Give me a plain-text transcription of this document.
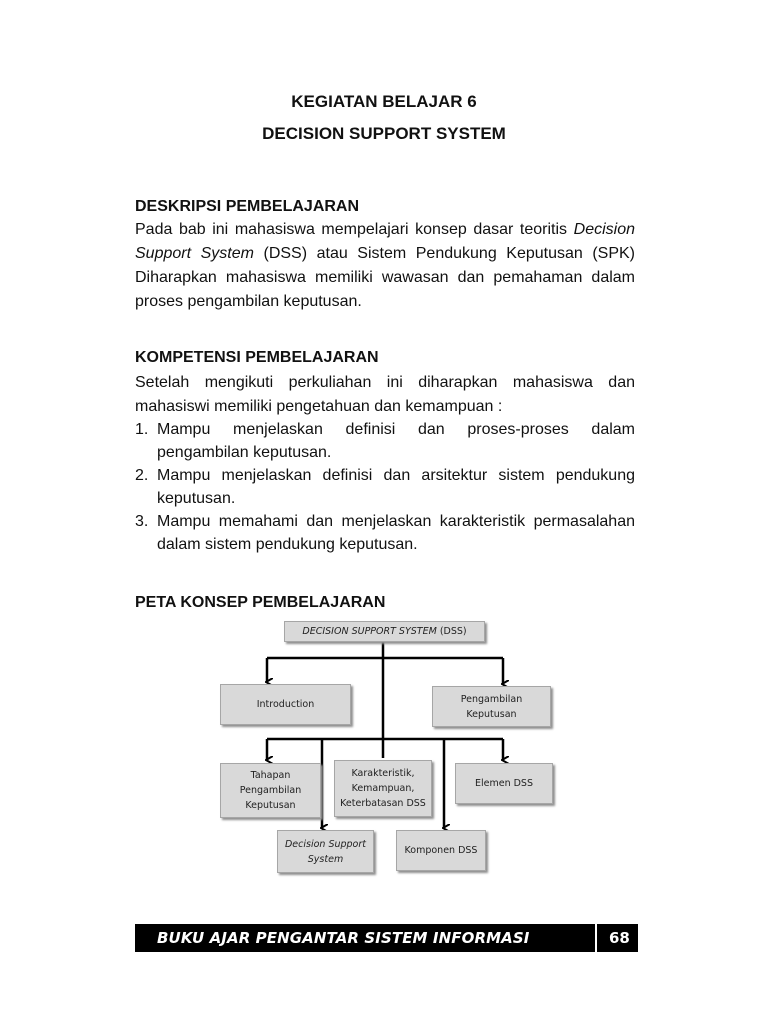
KEGIATAN BELAJAR 6
DECISION SUPPORT SYSTEM
DESKRIPSI PEMBELAJARAN
Pada bab ini mahasiswa mempelajari konsep dasar teoritis Decision Support System (DSS) atau Sistem Pendukung Keputusan (SPK) Diharapkan mahasiswa memiliki wawasan dan pemahaman dalam proses pengambilan keputusan.
KOMPETENSI PEMBELAJARAN
Setelah mengikuti perkuliahan ini diharapkan mahasiswa dan mahasiswi memiliki pengetahuan dan kemampuan :
1. Mampu menjelaskan definisi dan proses-proses dalam pengambilan keputusan.
2. Mampu menjelaskan definisi dan arsitektur sistem pendukung keputusan.
3. Mampu memahami dan menjelaskan karakteristik permasalahan dalam sistem pendukung keputusan.
PETA KONSEP PEMBELAJARAN
DECISION SUPPORT SYSTEM (DSS)
Introduction	Pengambilan
Keputusan
Tahapan
Pengambilan
Keputusan
Karakteristik,
Kemampuan,
Keterbatasan DSS
Elemen DSS
Decision Support
System
Komponen DSS
BUKU AJAR PENGANTAR SISTEM INFORMASI	68
